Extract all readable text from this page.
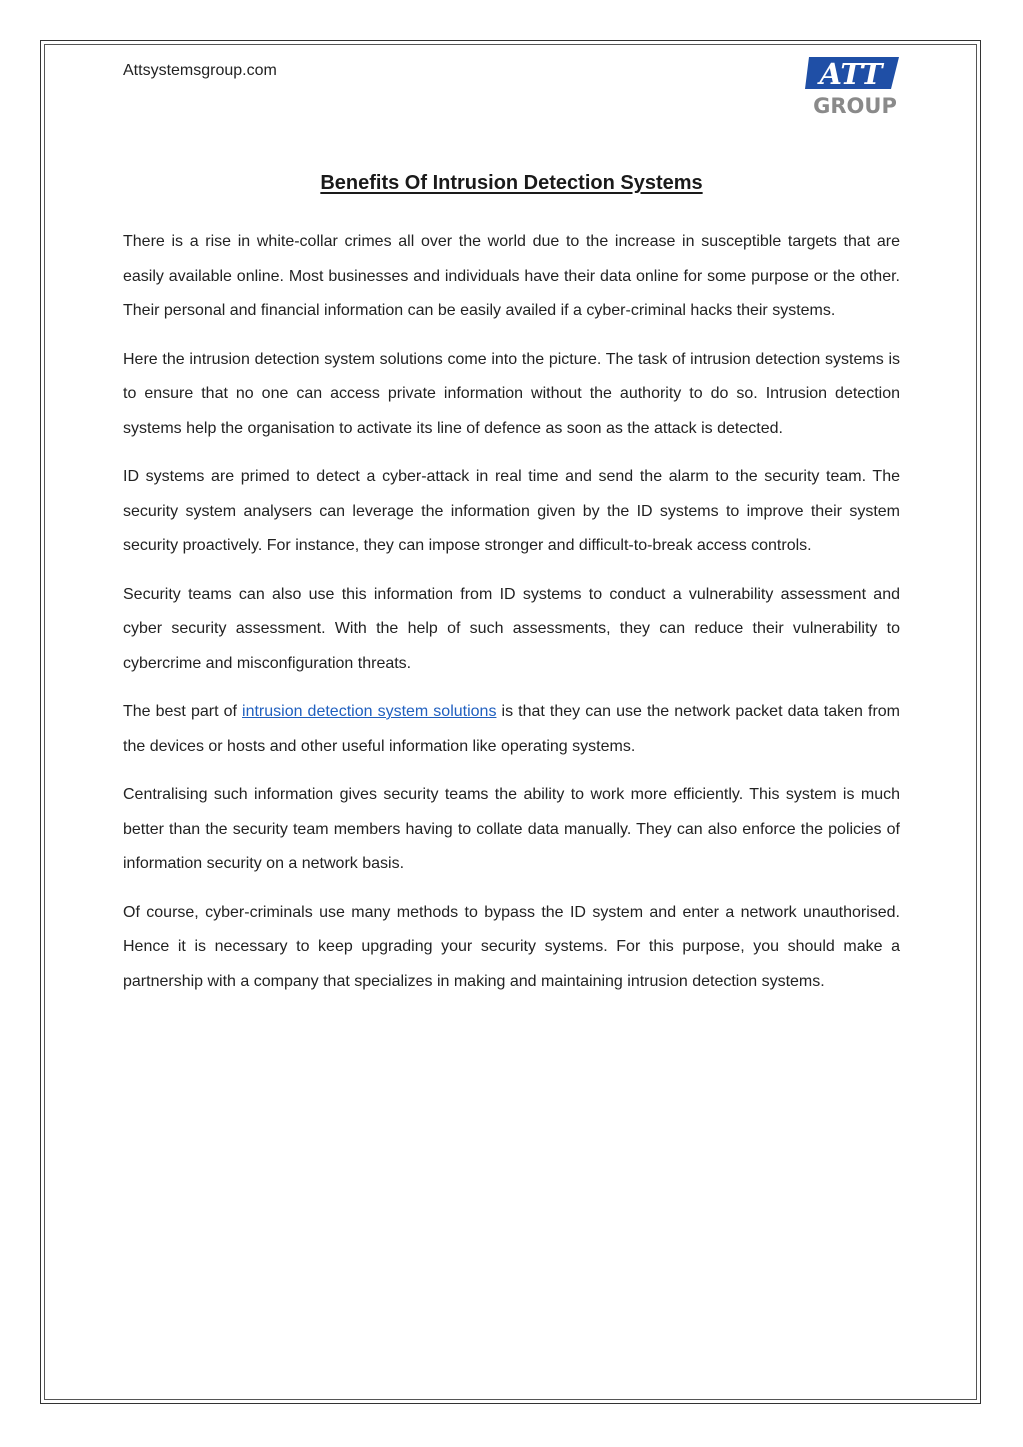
Attsystemsgroup.com	ATT
GROUP
Benefits Of Intrusion Detection Systems

There is a rise in white-collar crimes all over the world due to the increase in susceptible targets that are easily available online. Most businesses and individuals have their data online for some purpose or the other. Their personal and financial information can be easily availed if a cyber-criminal hacks their systems.

Here the intrusion detection system solutions come into the picture. The task of intrusion detection systems is to ensure that no one can access private information without the authority to do so. Intrusion detection systems help the organisation to activate its line of defence as soon as the attack is detected.

ID systems are primed to detect a cyber-attack in real time and send the alarm to the security team. The security system analysers can leverage the information given by the ID systems to improve their system security proactively. For instance, they can impose stronger and difficult-to-break access controls.

Security teams can also use this information from ID systems to conduct a vulnerability assessment and cyber security assessment. With the help of such assessments, they can reduce their vulnerability to cybercrime and misconfiguration threats.

The best part of intrusion detection system solutions is that they can use the network packet data taken from the devices or hosts and other useful information like operating systems.

Centralising such information gives security teams the ability to work more efficiently. This system is much better than the security team members having to collate data manually. They can also enforce the policies of information security on a network basis.

Of course, cyber-criminals use many methods to bypass the ID system and enter a network unauthorised. Hence it is necessary to keep upgrading your security systems. For this purpose, you should make a partnership with a company that specializes in making and maintaining intrusion detection systems.
